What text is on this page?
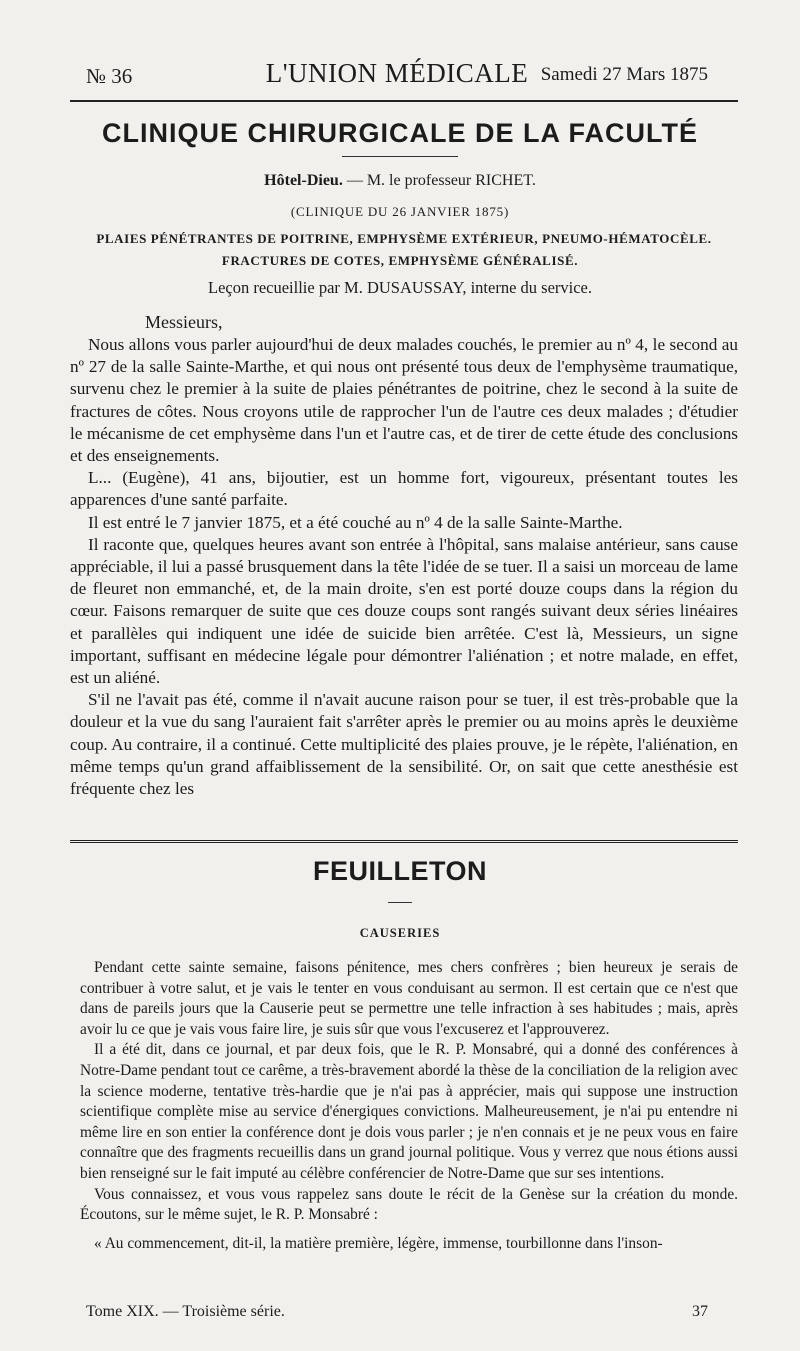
№ 36	L'UNION MÉDICALE Samedi 27 Mars 1875
CLINIQUE CHIRURGICALE DE LA FACULTÉ
Hôtel-Dieu. — M. le professeur RICHET.
(CLINIQUE DU 26 JANVIER 1875)
PLAIES PÉNÉTRANTES DE POITRINE, EMPHYSÈME EXTÉRIEUR, PNEUMO-HÉMATOCÈLE.
FRACTURES DE COTES, EMPHYSÈME GÉNÉRALISÉ.
Leçon recueillie par M. DUSAUSSAY, interne du service.
Messieurs,

Nous allons vous parler aujourd'hui de deux malades couchés, le premier au nº 4, le second au nº 27 de la salle Sainte-Marthe, et qui nous ont présenté tous deux de l'emphysème traumatique, survenu chez le premier à la suite de plaies pénétrantes de poitrine, chez le second à la suite de fractures de côtes. Nous croyons utile de rapprocher l'un de l'autre ces deux malades ; d'étudier le mécanisme de cet emphysème dans l'un et l'autre cas, et de tirer de cette étude des conclusions et des enseignements.

L... (Eugène), 41 ans, bijoutier, est un homme fort, vigoureux, présentant toutes les apparences d'une santé parfaite.

Il est entré le 7 janvier 1875, et a été couché au nº 4 de la salle Sainte-Marthe.

Il raconte que, quelques heures avant son entrée à l'hôpital, sans malaise antérieur, sans cause appréciable, il lui a passé brusquement dans la tête l'idée de se tuer. Il a saisi un morceau de lame de fleuret non emmanché, et, de la main droite, s'en est porté douze coups dans la région du cœur. Faisons remarquer de suite que ces douze coups sont rangés suivant deux séries linéaires et parallèles qui indiquent une idée de suicide bien arrêtée. C'est là, Messieurs, un signe important, suffisant en médecine légale pour démontrer l'aliénation ; et notre malade, en effet, est un aliéné.

S'il ne l'avait pas été, comme il n'avait aucune raison pour se tuer, il est très-probable que la douleur et la vue du sang l'auraient fait s'arrêter après le premier ou au moins après le deuxième coup. Au contraire, il a continué. Cette multiplicité des plaies prouve, je le répète, l'aliénation, en même temps qu'un grand affaiblissement de la sensibilité. Or, on sait que cette anesthésie est fréquente chez les

FEUILLETON
CAUSERIES

Pendant cette sainte semaine, faisons pénitence, mes chers confrères ; bien heureux je serais de contribuer à votre salut, et je vais le tenter en vous conduisant au sermon. Il est certain que ce n'est que dans de pareils jours que la Causerie peut se permettre une telle infraction à ses habitudes ; mais, après avoir lu ce que je vais vous faire lire, je suis sûr que vous l'excuserez et l'approuverez.

Il a été dit, dans ce journal, et par deux fois, que le R. P. Monsabré, qui a donné des conférences à Notre-Dame pendant tout ce carême, a très-bravement abordé la thèse de la conciliation de la religion avec la science moderne, tentative très-hardie que je n'ai pas à apprécier, mais qui suppose une instruction scientifique complète mise au service d'énergiques convictions. Malheureusement, je n'ai pu entendre ni même lire en son entier la conférence dont je dois vous parler ; je n'en connais et je ne peux vous en faire connaître que des fragments recueillis dans un grand journal politique. Vous y verrez que nous étions aussi bien renseigné sur le fait imputé au célèbre conférencier de Notre-Dame que sur ses intentions.

Vous connaissez, et vous vous rappelez sans doute le récit de la Genèse sur la création du monde. Écoutons, sur le même sujet, le R. P. Monsabré :

« Au commencement, dit-il, la matière première, légère, immense, tourbillonne dans l'inson-

Tome XIX. — Troisième série.	37
